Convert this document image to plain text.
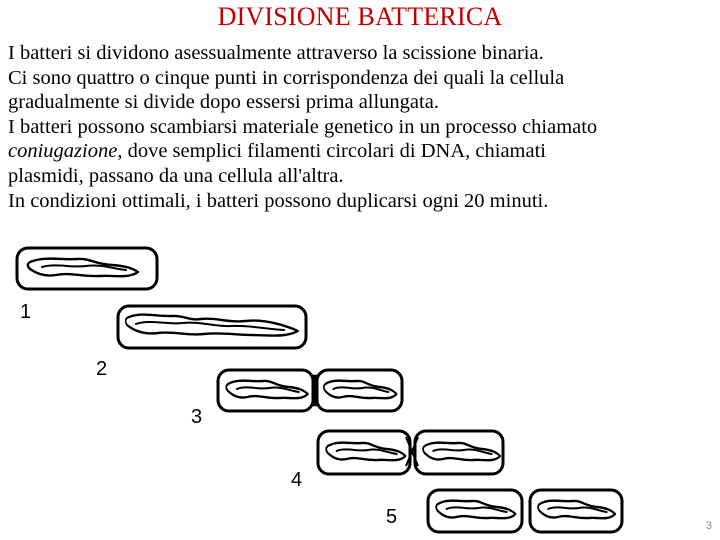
DIVISIONE BATTERICA
I batteri si dividono asessualmente attraverso la scissione binaria.
Ci sono quattro o cinque punti in corrispondenza dei quali la cellula
gradualmente si divide dopo essersi prima allungata.
I batteri possono scambiarsi materiale genetico in un processo chiamato
coniugazione, dove semplici filamenti circolari di DNA, chiamati
plasmidi, passano da una cellula all'altra.
In condizioni ottimali, i batteri possono duplicarsi ogni 20 minuti.
1
2
3
4
5	3
